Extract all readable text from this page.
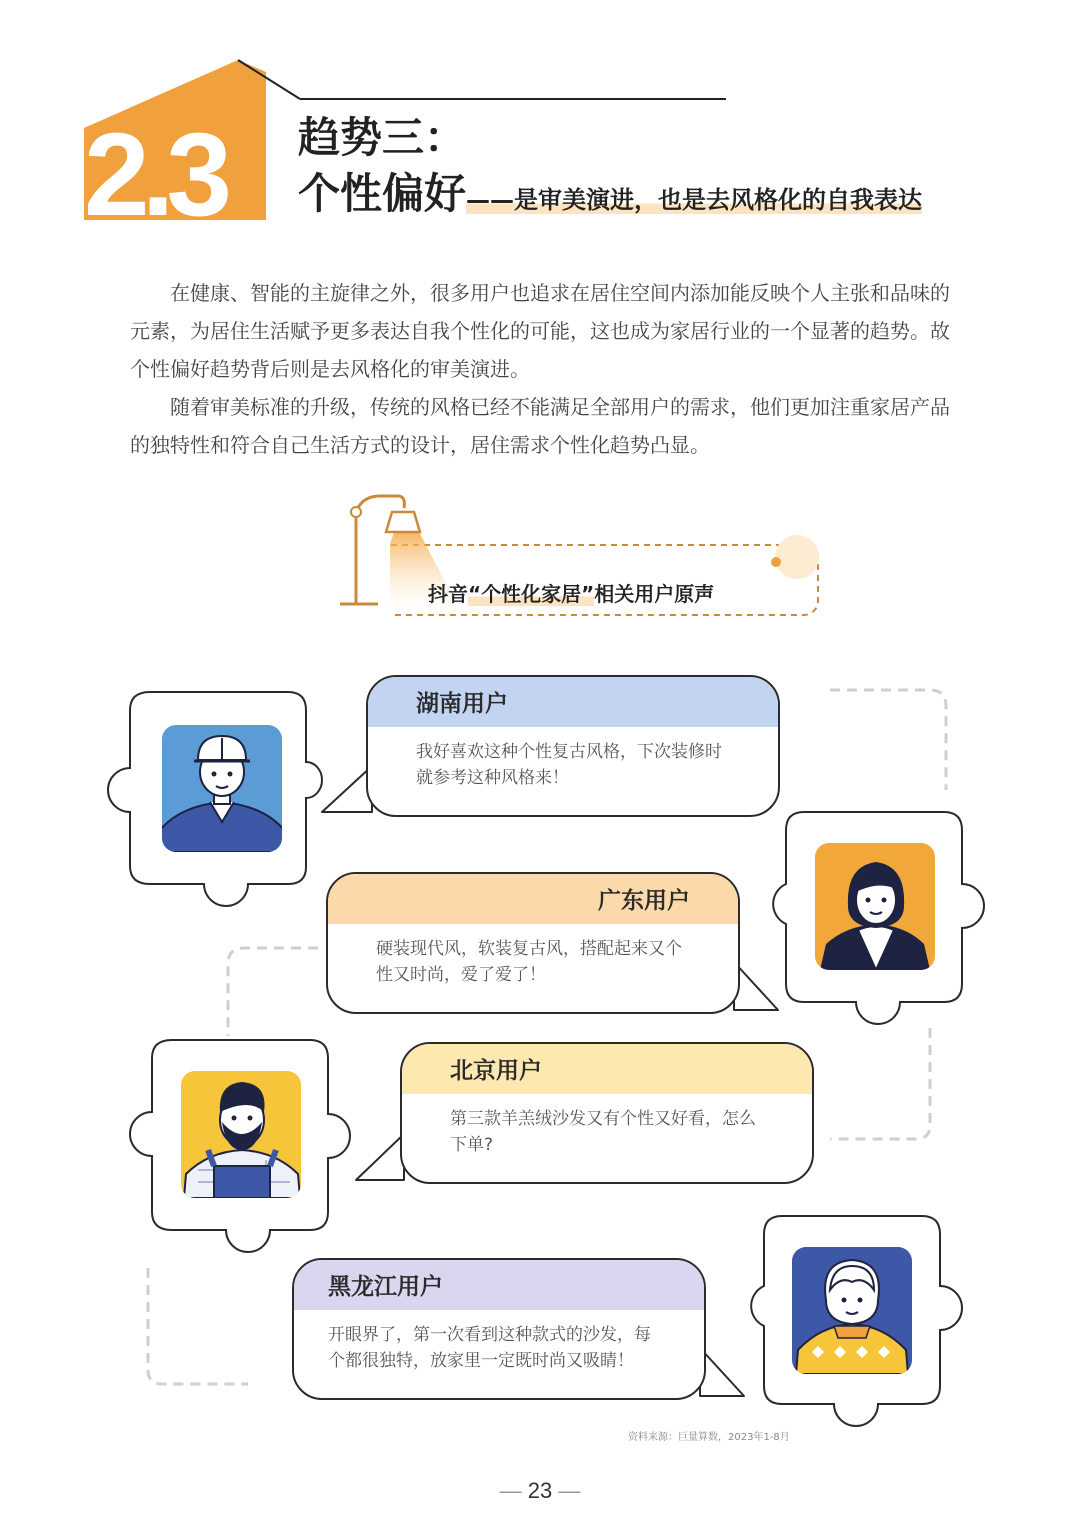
2.3	趋势三：
个性偏好——是审美演进，也是去风格化的自我表达

在健康、智能的主旋律之外，很多用户也追求在居住空间内添加能反映个人主张和品味的元素，为居住生活赋予更多表达自我个性化的可能，这也成为家居行业的一个显著的趋势。故个性偏好趋势背后则是去风格化的审美演进。

随着审美标准的升级，传统的风格已经不能满足全部用户的需求，他们更加注重家居产品的独特性和符合自己生活方式的设计，居住需求个性化趋势凸显。

抖音“个性化家居”相关用户原声
湖南用户
我好喜欢这种个性复古风格，下次装修时就参考这种风格来！
广东用户
硬装现代风，软装复古风，搭配起来又个性又时尚，爱了爱了！
北京用户
第三款羊羔绒沙发又有个性又好看，怎么下单?
黑龙江用户
开眼界了，第一次看到这种款式的沙发，每个都很独特，放家里一定既时尚又吸睛！
资料来源：巨量算数，2023年1-8月
— 23 —
